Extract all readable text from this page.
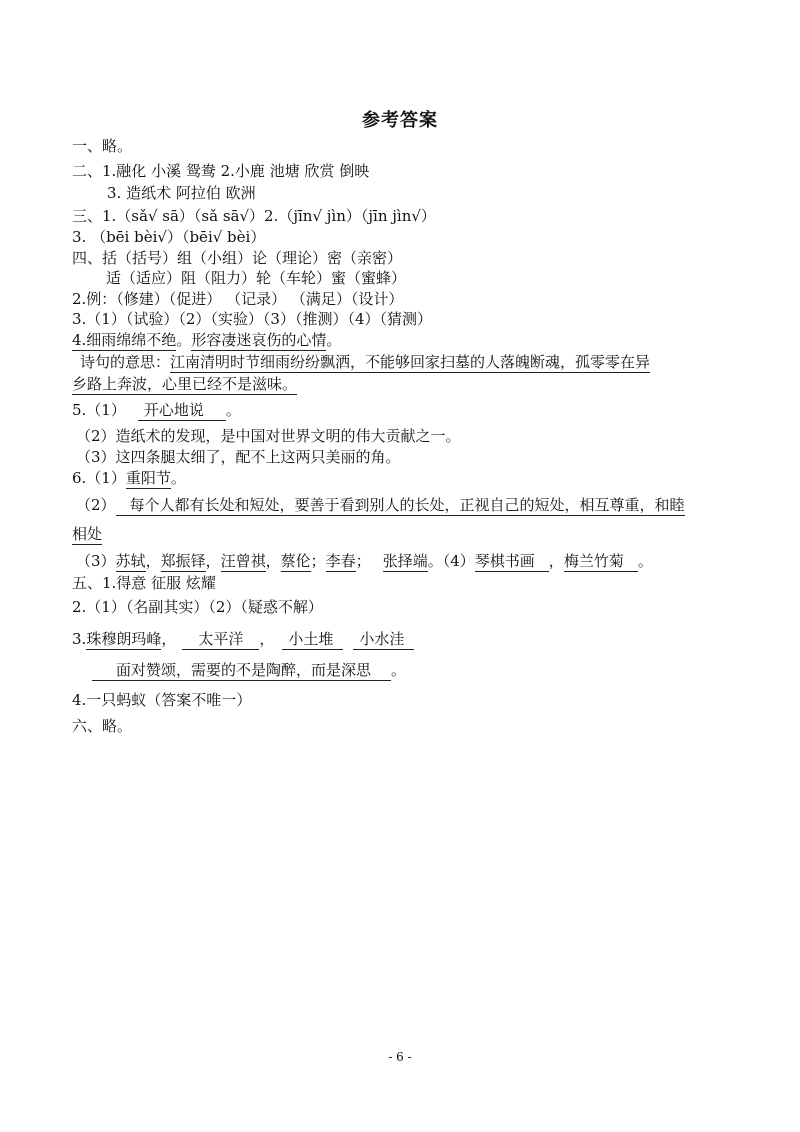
参考答案
一、略。
二、1.融化 小溪 鸳鸯 2.小鹿 池塘 欣赏 倒映
3. 造纸术 阿拉伯 欧洲
三、1.（sǎ√ sā）（sǎ sā√）2.（jīn√ jìn）（jīn jìn√）
3. （bēi bèi√）（bēi√ bèi）
四、括（括号）组（小组）论（理论）密（亲密）
适（适应）阻（阻力）轮（车轮）蜜（蜜蜂）
2.例：（修建）（促进） （记录） （满足）（设计）
3.（1）（试验）（2）（实验）（3）（推测）（4）（猜测）
4.细雨绵绵不绝。形容凄迷哀伤的心情。
诗句的意思：江南清明时节细雨纷纷飘洒，不能够回家扫墓的人落魄断魂，孤零零在异
乡路上奔波，心里已经不是滋味。
5.（1） 开心地说 。
（2）造纸术的发现，是中国对世界文明的伟大贡献之一。
（3）这四条腿太细了，配不上这两只美丽的角。
6.（1）重阳节。
（2） 每个人都有长处和短处，要善于看到别人的长处，正视自己的短处，相互尊重，和睦
相处
（3）苏轼，郑振铎，汪曾祺，蔡伦；李春； 张择端。（4）琴棋书画 ，梅兰竹菊 。
五、1.得意 征服 炫耀
2.（1）（名副其实）（2）（疑惑不解）
3.珠穆朗玛峰， 太平洋 ， 小土堆 小水洼
面对赞颂，需要的不是陶醉，而是深思 。
4.一只蚂蚁（答案不唯一）
六、略。
- 6 -
